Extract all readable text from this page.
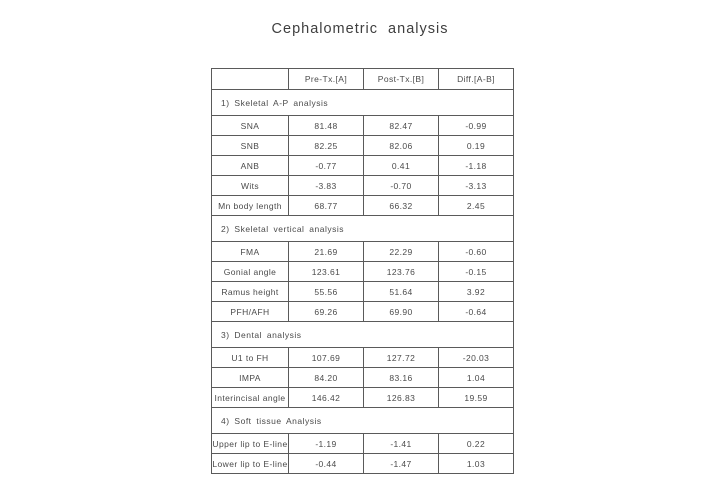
Cephalometric analysis
	Pre-Tx.[A]	Post-Tx.[B]	Diff.[A-B]
1) Skeletal A-P analysis			
SNA	81.48	82.47	-0.99
SNB	82.25	82.06	0.19
ANB	-0.77	0.41	-1.18
Wits	-3.83	-0.70	-3.13
Mn body length	68.77	66.32	2.45
2) Skeletal vertical analysis			
FMA	21.69	22.29	-0.60
Gonial angle	123.61	123.76	-0.15
Ramus height	55.56	51.64	3.92
PFH/AFH	69.26	69.90	-0.64
3) Dental analysis			
U1 to FH	107.69	127.72	-20.03
IMPA	84.20	83.16	1.04
Interincisal angle	146.42	126.83	19.59
4) Soft tissue Analysis			
Upper lip to E-line	-1.19	-1.41	0.22
Lower lip to E-line	-0.44	-1.47	1.03
